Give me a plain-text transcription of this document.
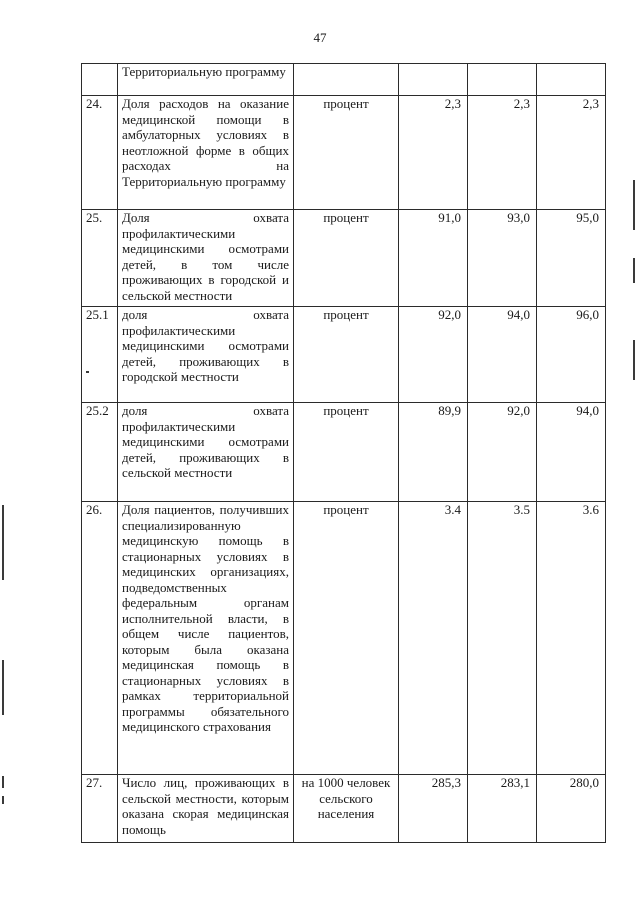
47
	Территориальную программу				
24.	Доля расходов на оказание медицинской помощи в амбулаторных условиях в неотложной форме в общих расходах на Территориальную программу	процент	2,3	2,3	2,3
25.	Доля охвата профилактическими медицинскими осмотрами детей, в том числе проживающих в городской и сельской местности	процент	91,0	93,0	95,0
25.1	доля охвата профилактическими медицинскими осмотрами детей, проживающих в городской местности	процент	92,0	94,0	96,0
25.2	доля охвата профилактическими медицинскими осмотрами детей, проживающих в сельской местности	процент	89,9	92,0	94,0
26.	Доля пациентов, получивших специализированную медицинскую помощь в стационарных условиях в медицинских организациях, подведомственных федеральным органам исполнительной власти, в общем числе пациентов, которым была оказана медицинская помощь в стационарных условиях в рамках территориальной программы обязательного медицинского страхования	процент	3.4	3.5	3.6
27.	Число лиц, проживающих в сельской местности, которым оказана скорая медицинская помощь	на 1000 человек сельского населения	285,3	283,1	280,0
